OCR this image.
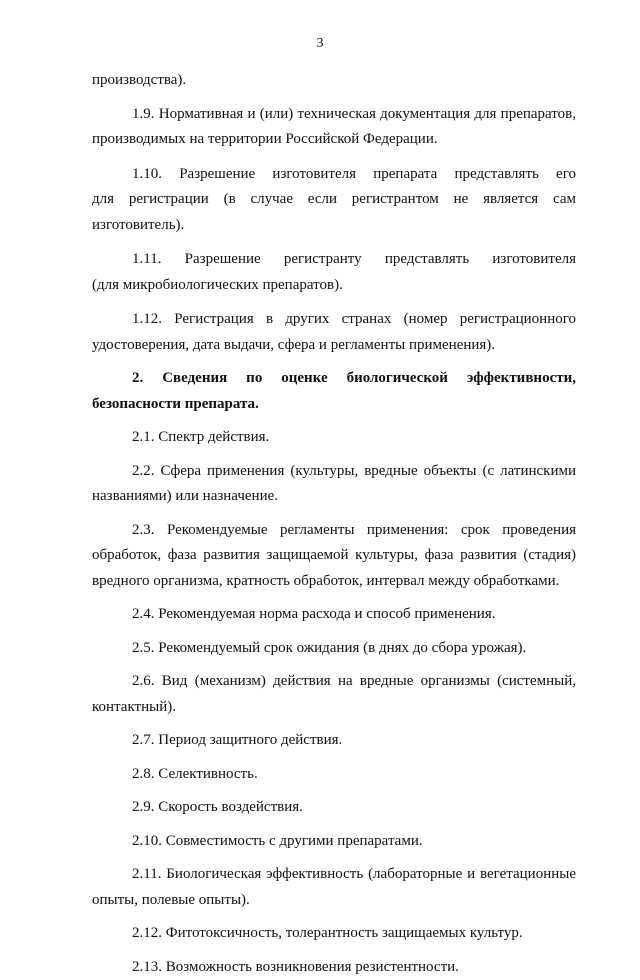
3
производства).
1.9. Нормативная и (или) техническая документация для препаратов,
производимых на территории Российской Федерации.
1.10. Разрешение изготовителя препарата представлять его
для регистрации (в случае если регистрантом не является сам
изготовитель).
1.11. Разрешение регистранту представлять изготовителя
(для микробиологических препаратов).
1.12. Регистрация в других странах (номер регистрационного
удостоверения, дата выдачи, сфера и регламенты применения).
2. Сведения по оценке биологической эффективности,
безопасности препарата.
2.1. Спектр действия.
2.2. Сфера применения (культуры, вредные объекты (с латинскими
названиями) или назначение.
2.3. Рекомендуемые регламенты применения: срок проведения
обработок, фаза развития защищаемой культуры, фаза развития (стадия)
вредного организма, кратность обработок, интервал между обработками.
2.4. Рекомендуемая норма расхода и способ применения.
2.5. Рекомендуемый срок ожидания (в днях до сбора урожая).
2.6. Вид (механизм) действия на вредные организмы (системный,
контактный).
2.7. Период защитного действия.
2.8. Селективность.
2.9. Скорость воздействия.
2.10. Совместимость с другими препаратами.
2.11. Биологическая эффективность (лабораторные и вегетационные
опыты, полевые опыты).
2.12. Фитотоксичность, толерантность защищаемых культур.
2.13. Возможность возникновения резистентности.
